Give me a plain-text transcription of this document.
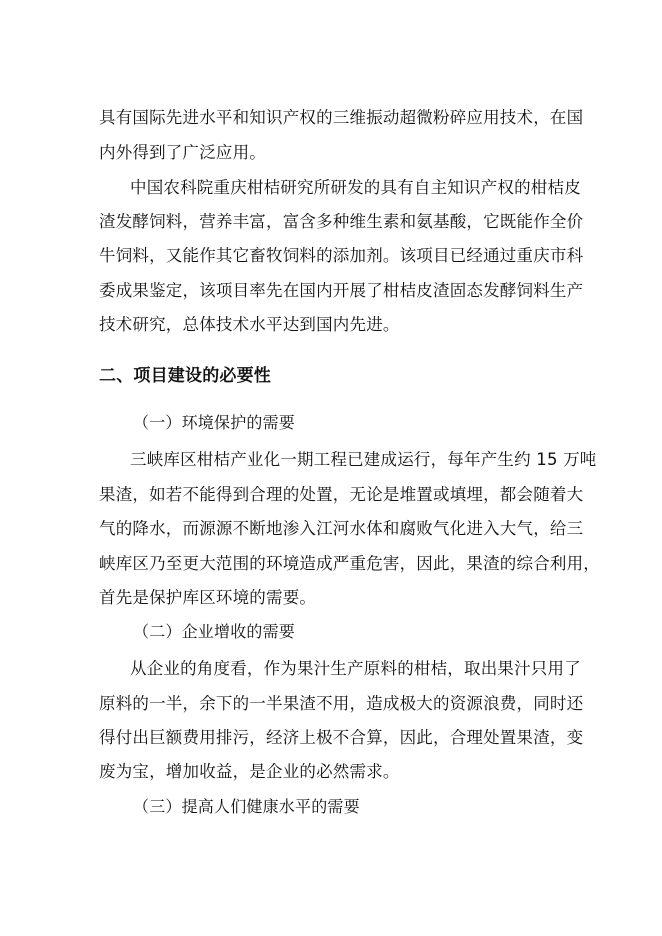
具有国际先进水平和知识产权的三维振动超微粉碎应用技术，在国
内外得到了广泛应用。
中国农科院重庆柑桔研究所研发的具有自主知识产权的柑桔皮
渣发酵饲料，营养丰富，富含多种维生素和氨基酸，它既能作全价
牛饲料，又能作其它畜牧饲料的添加剂。该项目已经通过重庆市科
委成果鉴定，该项目率先在国内开展了柑桔皮渣固态发酵饲料生产
技术研究，总体技术水平达到国内先进。
二、项目建设的必要性
（一）环境保护的需要
三峡库区柑桔产业化一期工程已建成运行，每年产生约 15 万吨
果渣，如若不能得到合理的处置，无论是堆置或填埋，都会随着大
气的降水，而源源不断地渗入江河水体和腐败气化进入大气，给三
峡库区乃至更大范围的环境造成严重危害，因此，果渣的综合利用，
首先是保护库区环境的需要。
（二）企业增收的需要
从企业的角度看，作为果汁生产原料的柑桔，取出果汁只用了
原料的一半，余下的一半果渣不用，造成极大的资源浪费，同时还
得付出巨额费用排污，经济上极不合算，因此，合理处置果渣，变
废为宝，增加收益，是企业的必然需求。
（三）提高人们健康水平的需要
